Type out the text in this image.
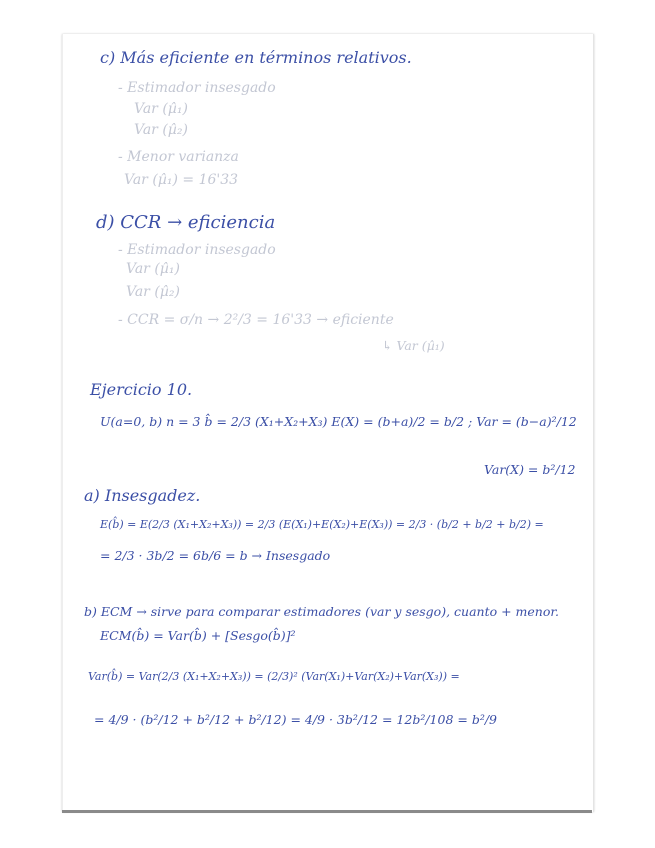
c) Más eficiente en términos relativos.
- Estimador insesgado
Var (µ̂₁)
Var (µ̂₂)
- Menor varianza
Var (µ̂₁) = 16'33
d) CCR → eficiencia
- Estimador insesgado
Var (µ̂₁)
Var (µ̂₂)
- CCR = σ/n → 2²/3 = 16'33 → eficiente
↳ Var (µ̂₁)
Ejercicio 10.
U(a=0, b) n = 3 b̂ = 2/3 (X₁+X₂+X₃) E(X) = (b+a)/2 = b/2 ; Var = (b−a)²/12
Var(X) = b²/12
a) Insesgadez.
E(b̂) = E(2/3 (X₁+X₂+X₃)) = 2/3 (E(X₁)+E(X₂)+E(X₃)) = 2/3 · (b/2 + b/2 + b/2) =
= 2/3 · 3b/2 = 6b/6 = b → Insesgado
b) ECM → sirve para comparar estimadores (var y sesgo), cuanto + menor.
ECM(b̂) = Var(b̂) + [Sesgo(b̂)]²
Var(b̂) = Var(2/3 (X₁+X₂+X₃)) = (2/3)² (Var(X₁)+Var(X₂)+Var(X₃)) =
= 4/9 · (b²/12 + b²/12 + b²/12) = 4/9 · 3b²/12 = 12b²/108 = b²/9
